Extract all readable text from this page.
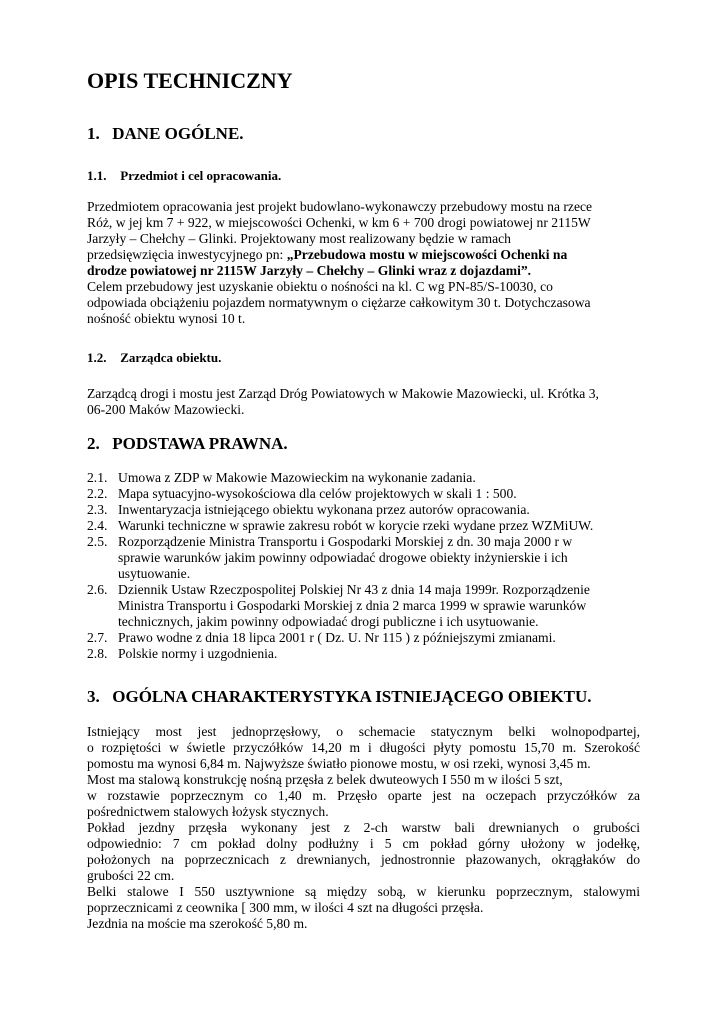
OPIS TECHNICZNY
1. DANE OGÓLNE.
1.1. Przedmiot i cel opracowania.
Przedmiotem opracowania jest projekt budowlano-wykonawczy przebudowy mostu na rzece
Róż, w jej km 7 + 922, w miejscowości Ochenki, w km 6 + 700 drogi powiatowej nr 2115W
Jarzyły – Chełchy – Glinki. Projektowany most realizowany będzie w ramach
przedsięwzięcia inwestycyjnego pn: „Przebudowa mostu w miejscowości Ochenki na
drodze powiatowej nr 2115W Jarzyły – Chełchy – Glinki wraz z dojazdami”.
Celem przebudowy jest uzyskanie obiektu o nośności na kl. C wg PN-85/S-10030, co
odpowiada obciążeniu pojazdem normatywnym o ciężarze całkowitym 30 t. Dotychczasowa
nośność obiektu wynosi 10 t.
1.2. Zarządca obiektu.
Zarządcą drogi i mostu jest Zarząd Dróg Powiatowych w Makowie Mazowiecki, ul. Krótka 3,
06-200 Maków Mazowiecki.
2. PODSTAWA PRAWNA.
2.1. Umowa z ZDP w Makowie Mazowieckim na wykonanie zadania.
2.2. Mapa sytuacyjno-wysokościowa dla celów projektowych w skali 1 : 500.
2.3. Inwentaryzacja istniejącego obiektu wykonana przez autorów opracowania.
2.4. Warunki techniczne w sprawie zakresu robót w korycie rzeki wydane przez WZMiUW.
2.5. Rozporządzenie Ministra Transportu i Gospodarki Morskiej z dn. 30 maja 2000 r w
sprawie warunków jakim powinny odpowiadać drogowe obiekty inżynierskie i ich
usytuowanie.
2.6. Dziennik Ustaw Rzeczpospolitej Polskiej Nr 43 z dnia 14 maja 1999r. Rozporządzenie
Ministra Transportu i Gospodarki Morskiej z dnia 2 marca 1999 w sprawie warunków
technicznych, jakim powinny odpowiadać drogi publiczne i ich usytuowanie.
2.7. Prawo wodne z dnia 18 lipca 2001 r ( Dz. U. Nr 115 ) z późniejszymi zmianami.
2.8. Polskie normy i uzgodnienia.
3. OGÓLNA CHARAKTERYSTYKA ISTNIEJĄCEGO OBIEKTU.
Istniejący most jest jednoprzęsłowy, o schemacie statycznym belki wolnopodpartej,
o rozpiętości w świetle przyczółków 14,20 m i długości płyty pomostu 15,70 m. Szerokość
pomostu ma wynosi 6,84 m. Najwyższe światło pionowe mostu, w osi rzeki, wynosi 3,45 m.
Most ma stalową konstrukcję nośną przęsła z belek dwuteowych I 550 m w ilości 5 szt,
w rozstawie poprzecznym co 1,40 m. Przęsło oparte jest na oczepach przyczółków za
pośrednictwem stalowych łożysk stycznych.
Pokład jezdny przęsła wykonany jest z 2-ch warstw bali drewnianych o grubości
odpowiednio: 7 cm pokład dolny podłużny i 5 cm pokład górny ułożony w jodełkę,
położonych na poprzecznicach z drewnianych, jednostronnie płazowanych, okrągłaków do
grubości 22 cm.
Belki stalowe I 550 usztywnione są między sobą, w kierunku poprzecznym, stalowymi
poprzecznicami z ceownika [ 300 mm, w ilości 4 szt na długości przęsła.
Jezdnia na moście ma szerokość 5,80 m.
